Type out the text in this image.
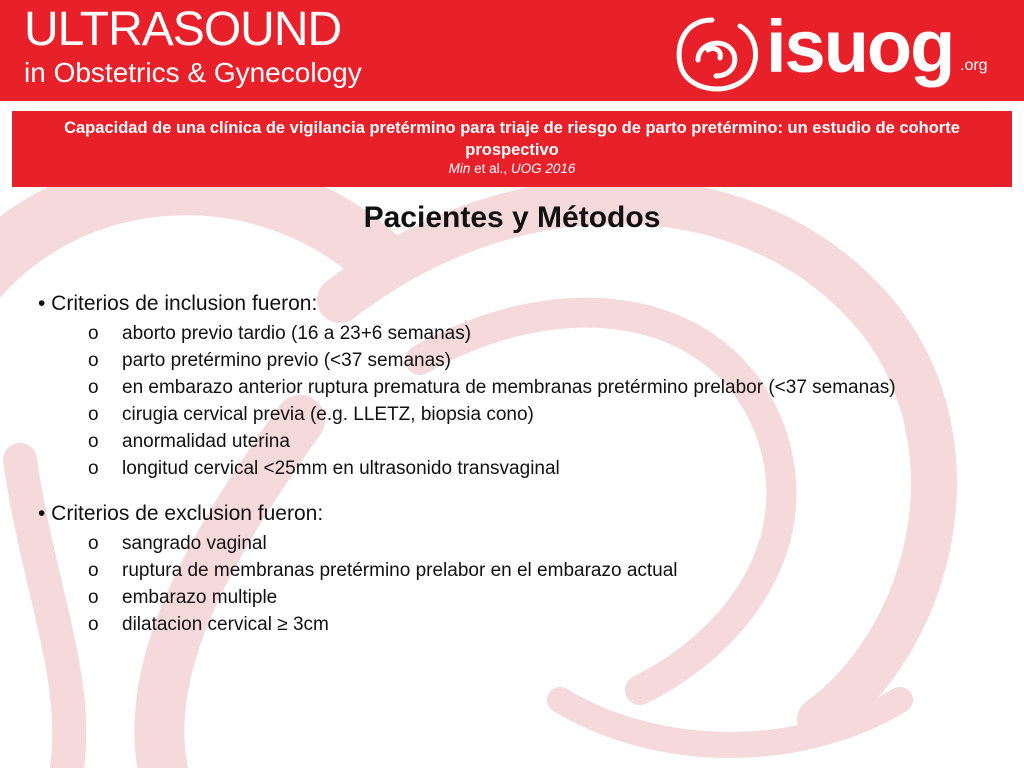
ULTRASOUND
in Obstetrics & Gynecology	isuog .org
Capacidad de una clínica de vigilancia pretérmino para triaje de riesgo de parto pretérmino: un estudio de cohorte prospectivo
Min et al., UOG 2016
Pacientes y Métodos
• Criterios de inclusion fueron:
o aborto previo tardio (16 a 23+6 semanas)
o parto pretérmino previo (<37 semanas)
o en embarazo anterior ruptura prematura de membranas pretérmino prelabor (<37 semanas)
o cirugia cervical previa (e.g. LLETZ, biopsia cono)
o anormalidad uterina
o longitud cervical <25mm en ultrasonido transvaginal
• Criterios de exclusion fueron:
o sangrado vaginal
o ruptura de membranas pretérmino prelabor en el embarazo actual
o embarazo multiple
o dilatacion cervical ≥ 3cm
